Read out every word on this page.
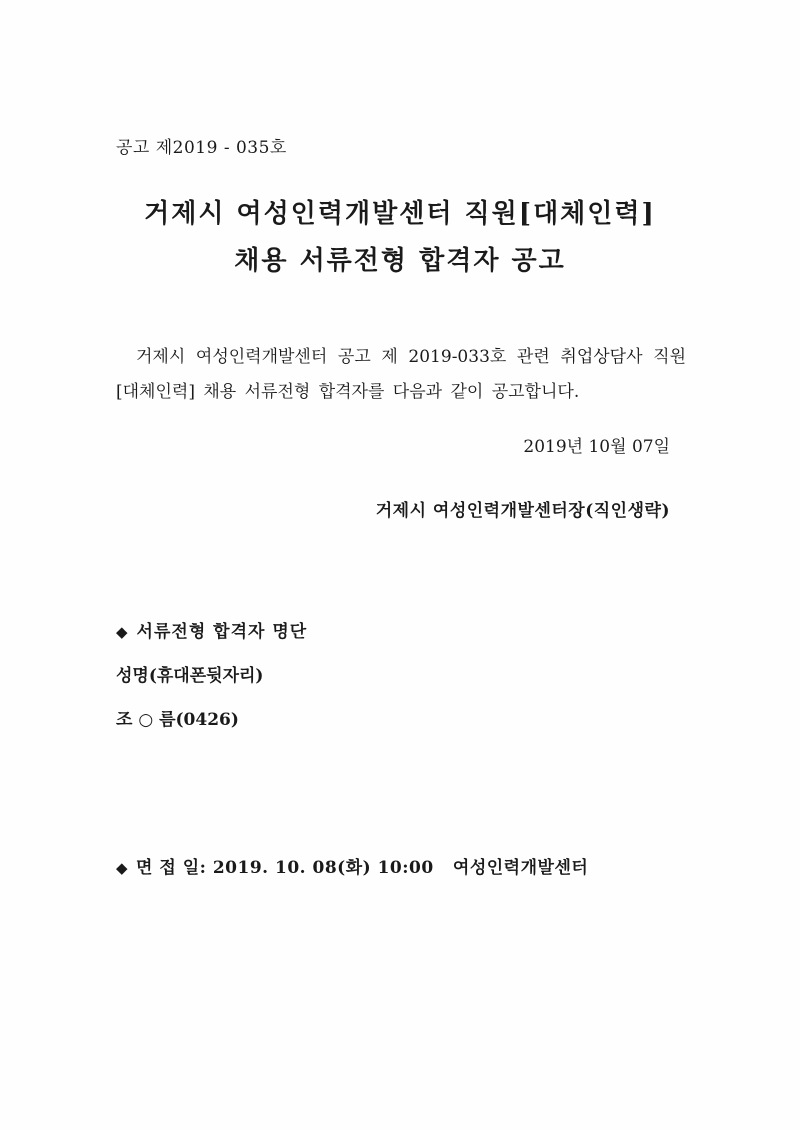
공고 제2019 - 035호
거제시 여성인력개발센터 직원[대체인력]
채용 서류전형 합격자 공고
거제시 여성인력개발센터 공고 제 2019-033호 관련 취업상담사 직원[대체인력] 채용 서류전형 합격자를 다음과 같이 공고합니다.
2019년 10월 07일
거제시 여성인력개발센터장(직인생략)
◆ 서류전형 합격자 명단
성명(휴대폰뒷자리)
조 ○ 름(0426)
◆ 면 접 일: 2019. 10. 08(화) 10:00   여성인력개발센터
